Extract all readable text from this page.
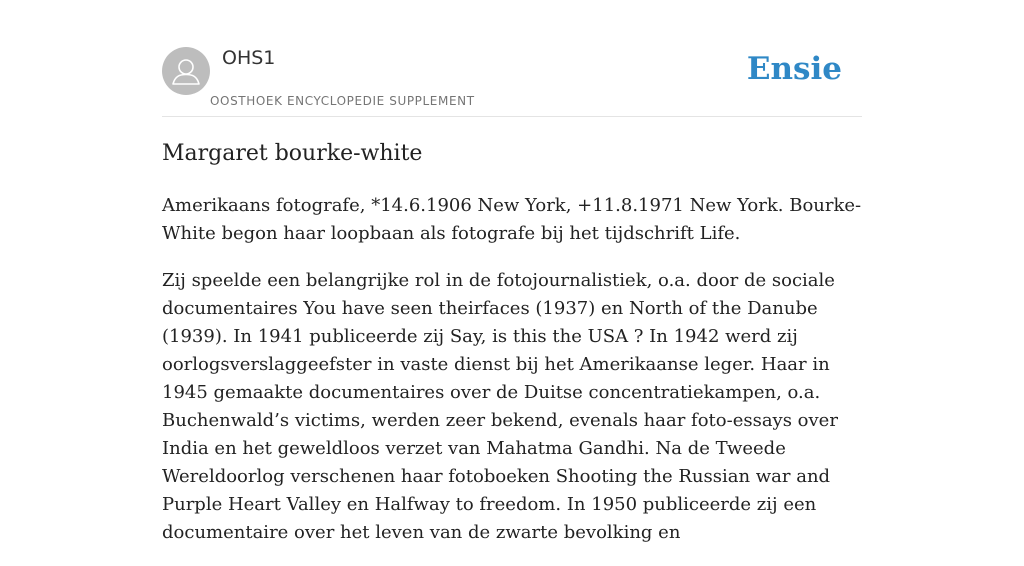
OHS1
OOSTHOEK ENCYCLOPEDIE SUPPLEMENT
Ensie
Margaret bourke-white

Amerikaans fotografe, *14.6.1906 New York, +11.8.1971 New York. Bourke-White begon haar loopbaan als fotografe bij het tijdschrift Life.

Zij speelde een belangrijke rol in de fotojournalistiek, o.a. door de sociale documentaires You have seen theirfaces (1937) en North of the Danube (1939). In 1941 publiceerde zij Say, is this the USA ? In 1942 werd zij oorlogsverslaggeefster in vaste dienst bij het Amerikaanse leger. Haar in 1945 gemaakte documentaires over de Duitse concentratiekampen, o.a. Buchenwald’s victims, werden zeer bekend, evenals haar foto-essays over India en het geweldloos verzet van Mahatma Gandhi. Na de Tweede Wereldoorlog verschenen haar fotoboeken Shooting the Russian war and Purple Heart Valley en Halfway to freedom. In 1950 publiceerde zij een documentaire over het leven van de zwarte bevolking en
